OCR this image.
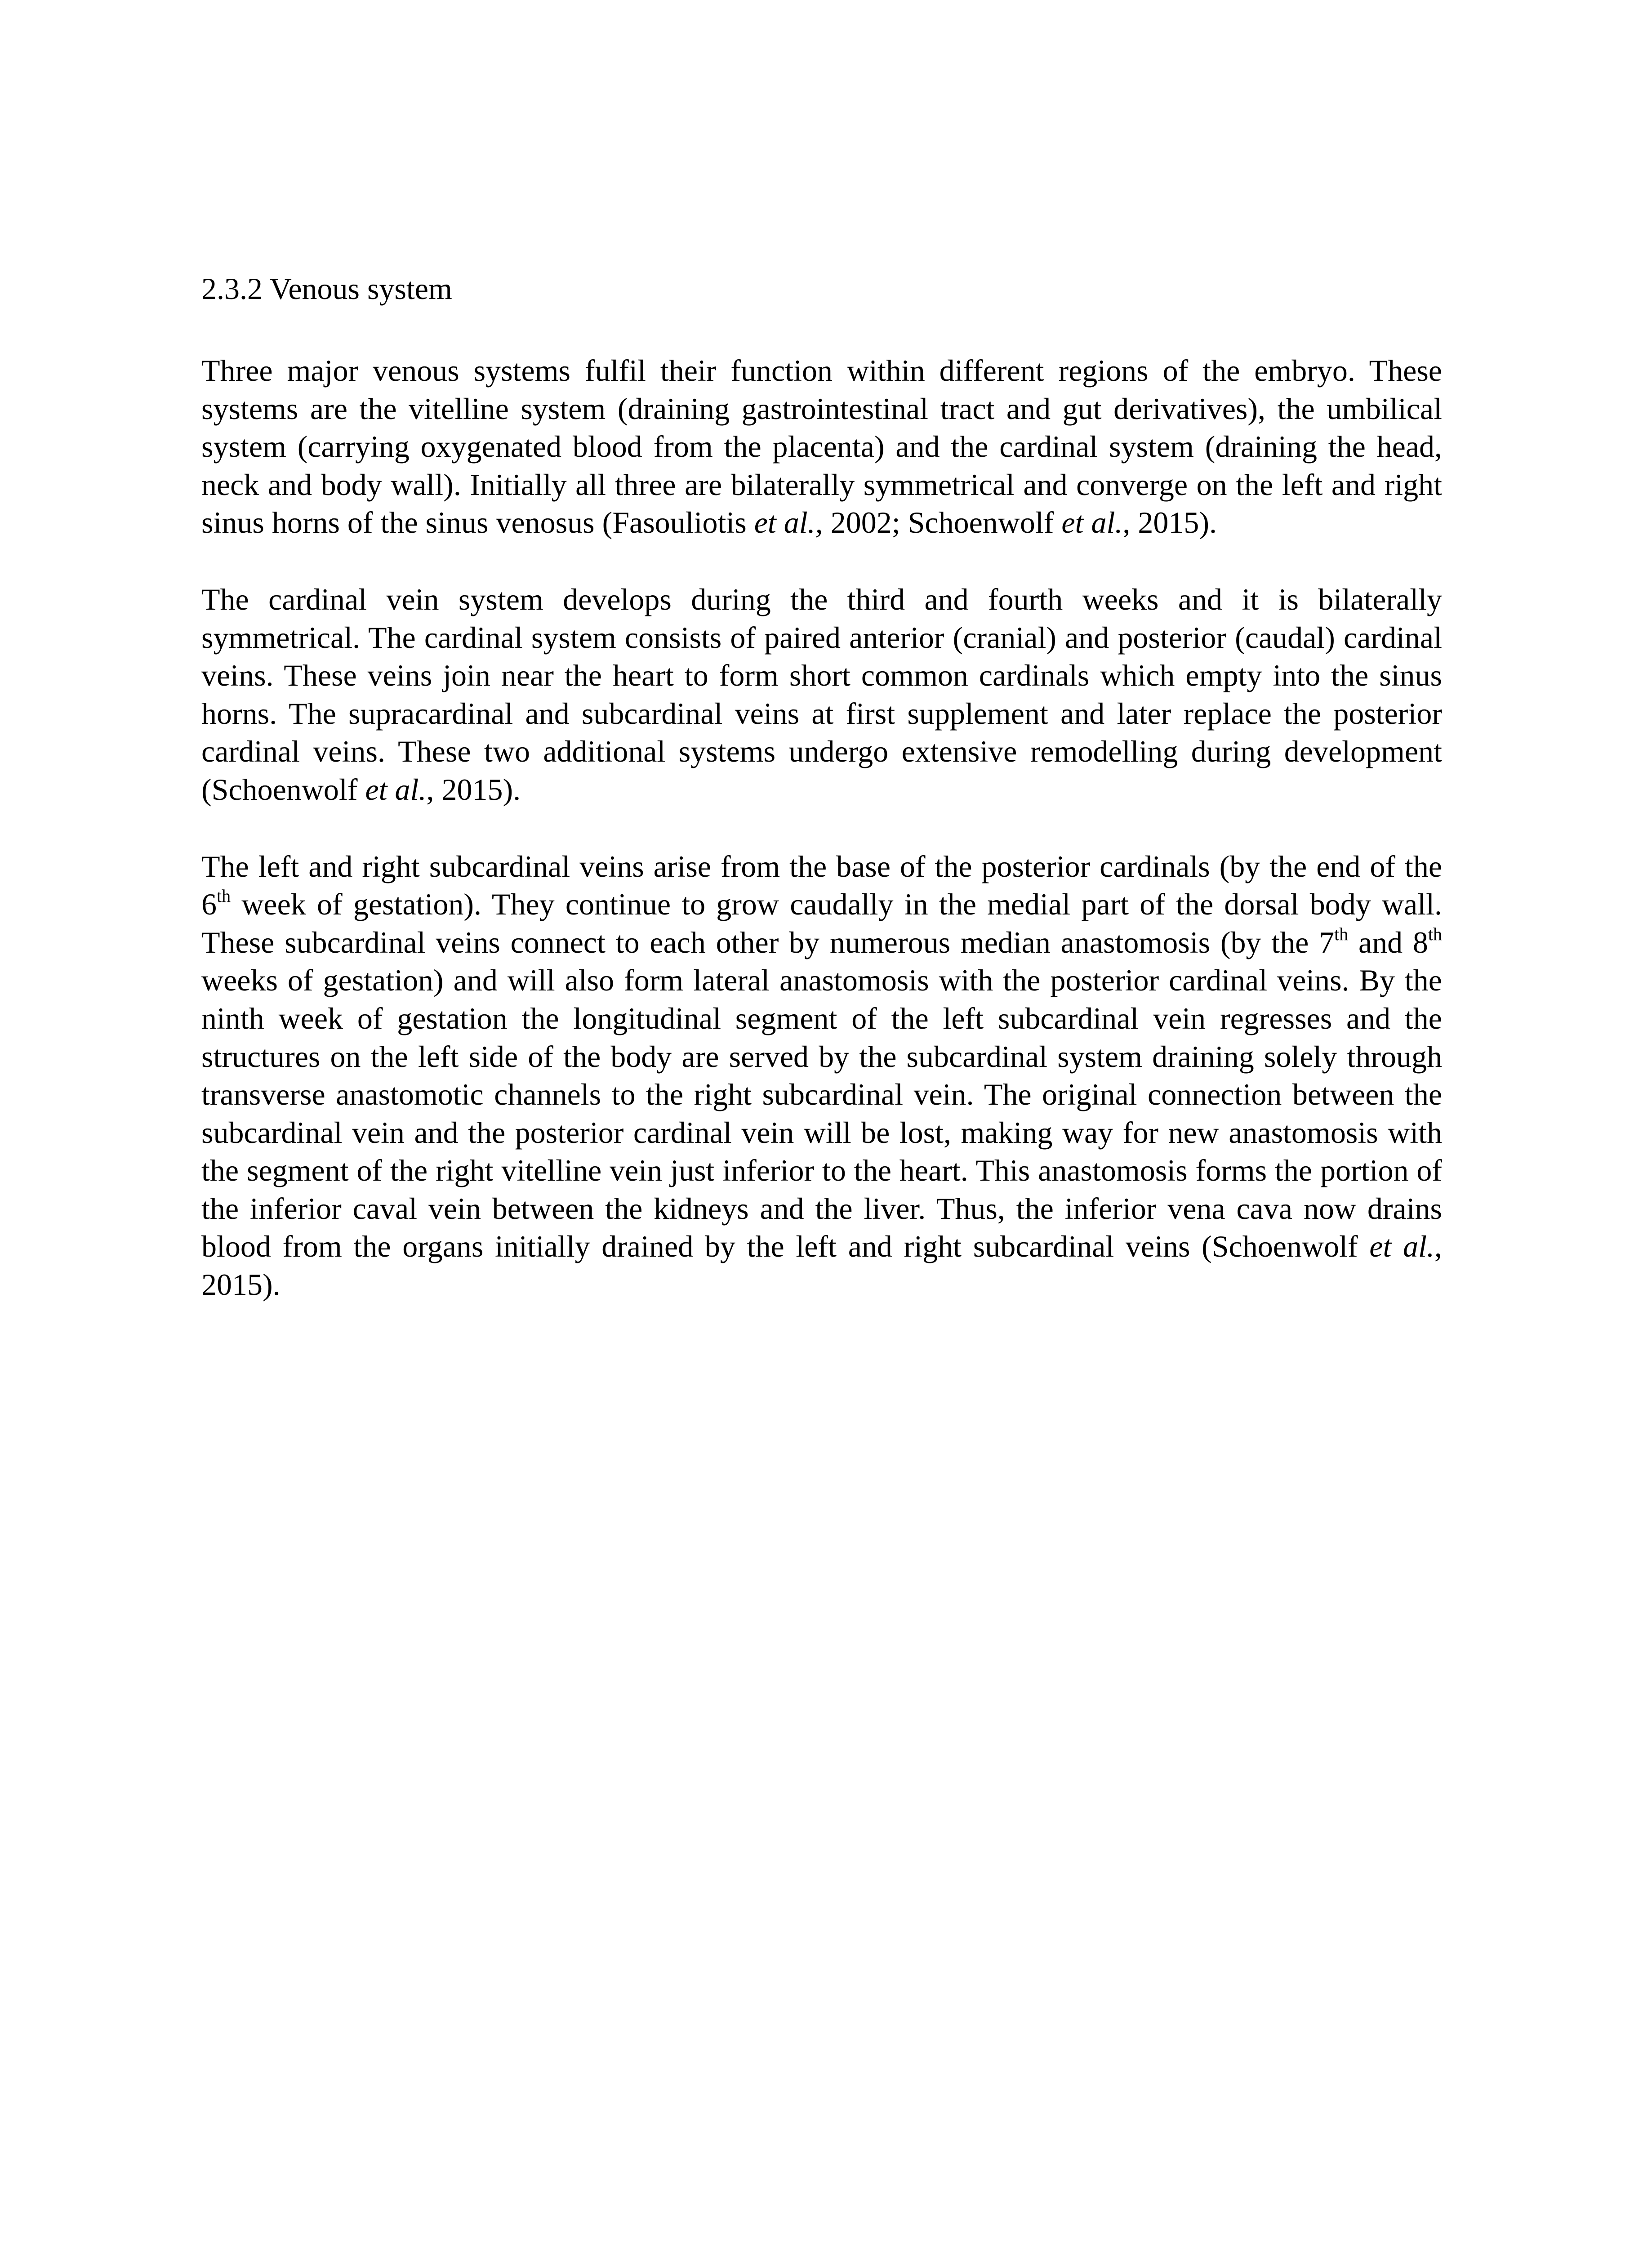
2.3.2 Venous system

Three major venous systems fulfil their function within different regions of the embryo. These systems are the vitelline system (draining gastrointestinal tract and gut derivatives), the umbilical system (carrying oxygenated blood from the placenta) and the cardinal system (draining the head, neck and body wall). Initially all three are bilaterally symmetrical and converge on the left and right sinus horns of the sinus venosus (Fasouliotis et al., 2002; Schoenwolf et al., 2015).

The cardinal vein system develops during the third and fourth weeks and it is bilaterally symmetrical. The cardinal system consists of paired anterior (cranial) and posterior (caudal) cardinal veins. These veins join near the heart to form short common cardinals which empty into the sinus horns. The supracardinal and subcardinal veins at first supplement and later replace the posterior cardinal veins. These two additional systems undergo extensive remodelling during development (Schoenwolf et al., 2015).

The left and right subcardinal veins arise from the base of the posterior cardinals (by the end of the 6th week of gestation). They continue to grow caudally in the medial part of the dorsal body wall. These subcardinal veins connect to each other by numerous median anastomosis (by the 7th and 8th weeks of gestation) and will also form lateral anastomosis with the posterior cardinal veins. By the ninth week of gestation the longitudinal segment of the left subcardinal vein regresses and the structures on the left side of the body are served by the subcardinal system draining solely through transverse anastomotic channels to the right subcardinal vein. The original connection between the subcardinal vein and the posterior cardinal vein will be lost, making way for new anastomosis with the segment of the right vitelline vein just inferior to the heart. This anastomosis forms the portion of the inferior caval vein between the kidneys and the liver. Thus, the inferior vena cava now drains blood from the organs initially drained by the left and right subcardinal veins (Schoenwolf et al., 2015).
